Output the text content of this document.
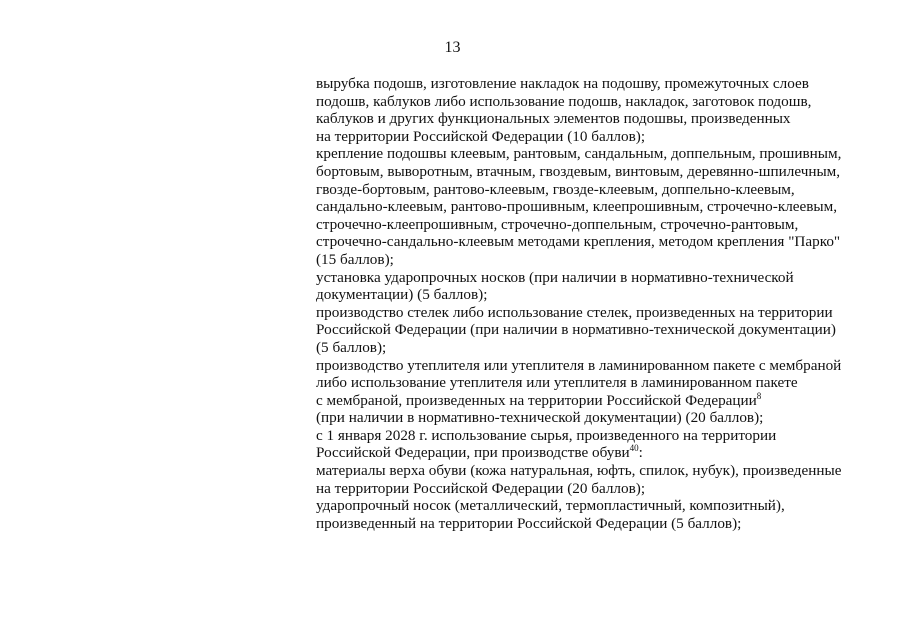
13
вырубка подошв, изготовление накладок на подошву, промежуточных слоев
подошв, каблуков либо использование подошв, накладок, заготовок подошв,
каблуков и других функциональных элементов подошвы, произведенных
на территории Российской Федерации (10 баллов);
крепление подошвы клеевым, рантовым, сандальным, доппельным, прошивным,
бортовым, выворотным, втачным, гвоздевым, винтовым, деревянно-шпилечным,
гвозде-бортовым, рантово-клеевым, гвозде-клеевым, доппельно-клеевым,
сандально-клеевым, рантово-прошивным, клеепрошивным, строчечно-клеевым,
строчечно-клеепрошивным, строчечно-доппельным, строчечно-рантовым,
строчечно-сандально-клеевым методами крепления, методом крепления "Парко"
(15 баллов);
установка ударопрочных носков (при наличии в нормативно-технической
документации) (5 баллов);
производство стелек либо использование стелек, произведенных на территории
Российской Федерации (при наличии в нормативно-технической документации)
(5 баллов);
производство утеплителя или утеплителя в ламинированном пакете с мембраной
либо использование утеплителя или утеплителя в ламинированном пакете
с мембраной, произведенных на территории Российской Федерации$^8$
(при наличии в нормативно-технической документации) (20 баллов);
с 1 января 2028 г. использование сырья, произведенного на территории
Российской Федерации, при производстве обуви$^{40}$:
материалы верха обуви (кожа натуральная, юфть, спилок, нубук), произведенные
на территории Российской Федерации (20 баллов);
ударопрочный носок (металлический, термопластичный, композитный),
произведенный на территории Российской Федерации (5 баллов);
